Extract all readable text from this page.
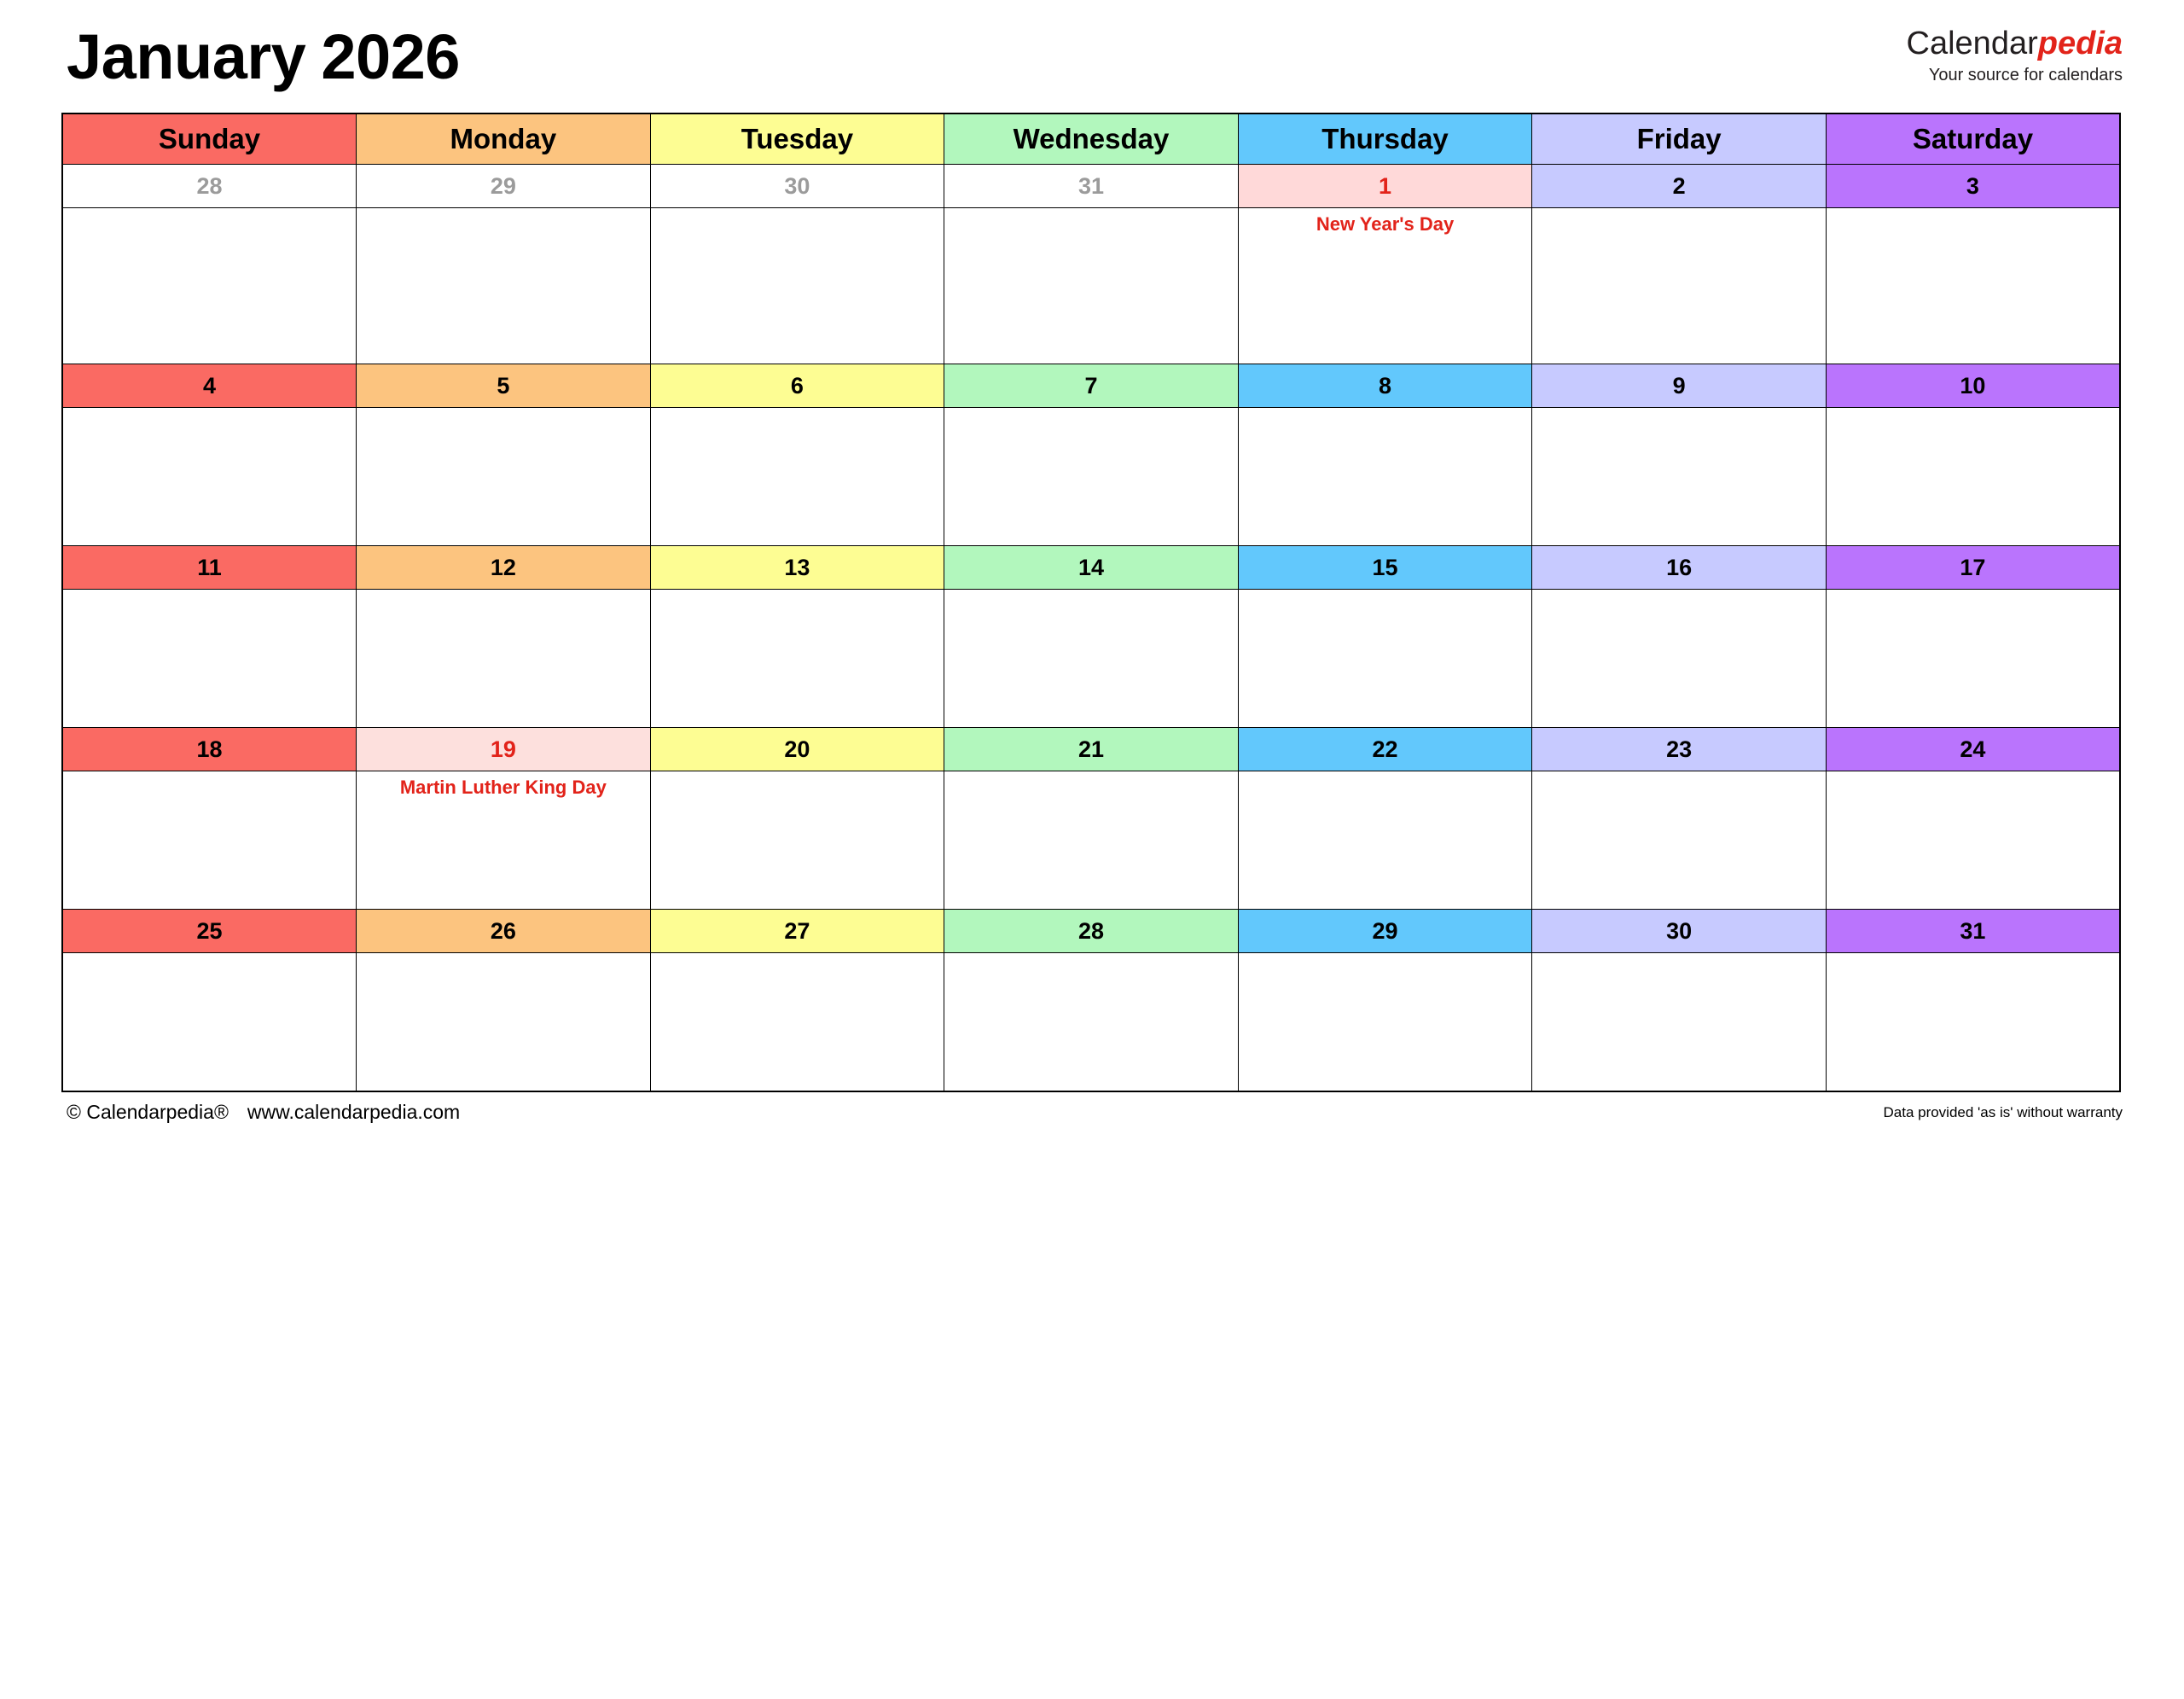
January 2026	Calendarpedia
Your source for calendars
Sunday	Monday	Tuesday	Wednesday	Thursday	Friday	Saturday
28	29	30	31	1	2	3

				New Year's Day		

4	5	6	7	8	9	10

11	12	13	14	15	16	17

18	19	20	21	22	23	24

	Martin Luther King Day					

25	26	27	28	29	30	31

© Calendarpedia® www.calendarpedia.com	Data provided 'as is' without warranty
